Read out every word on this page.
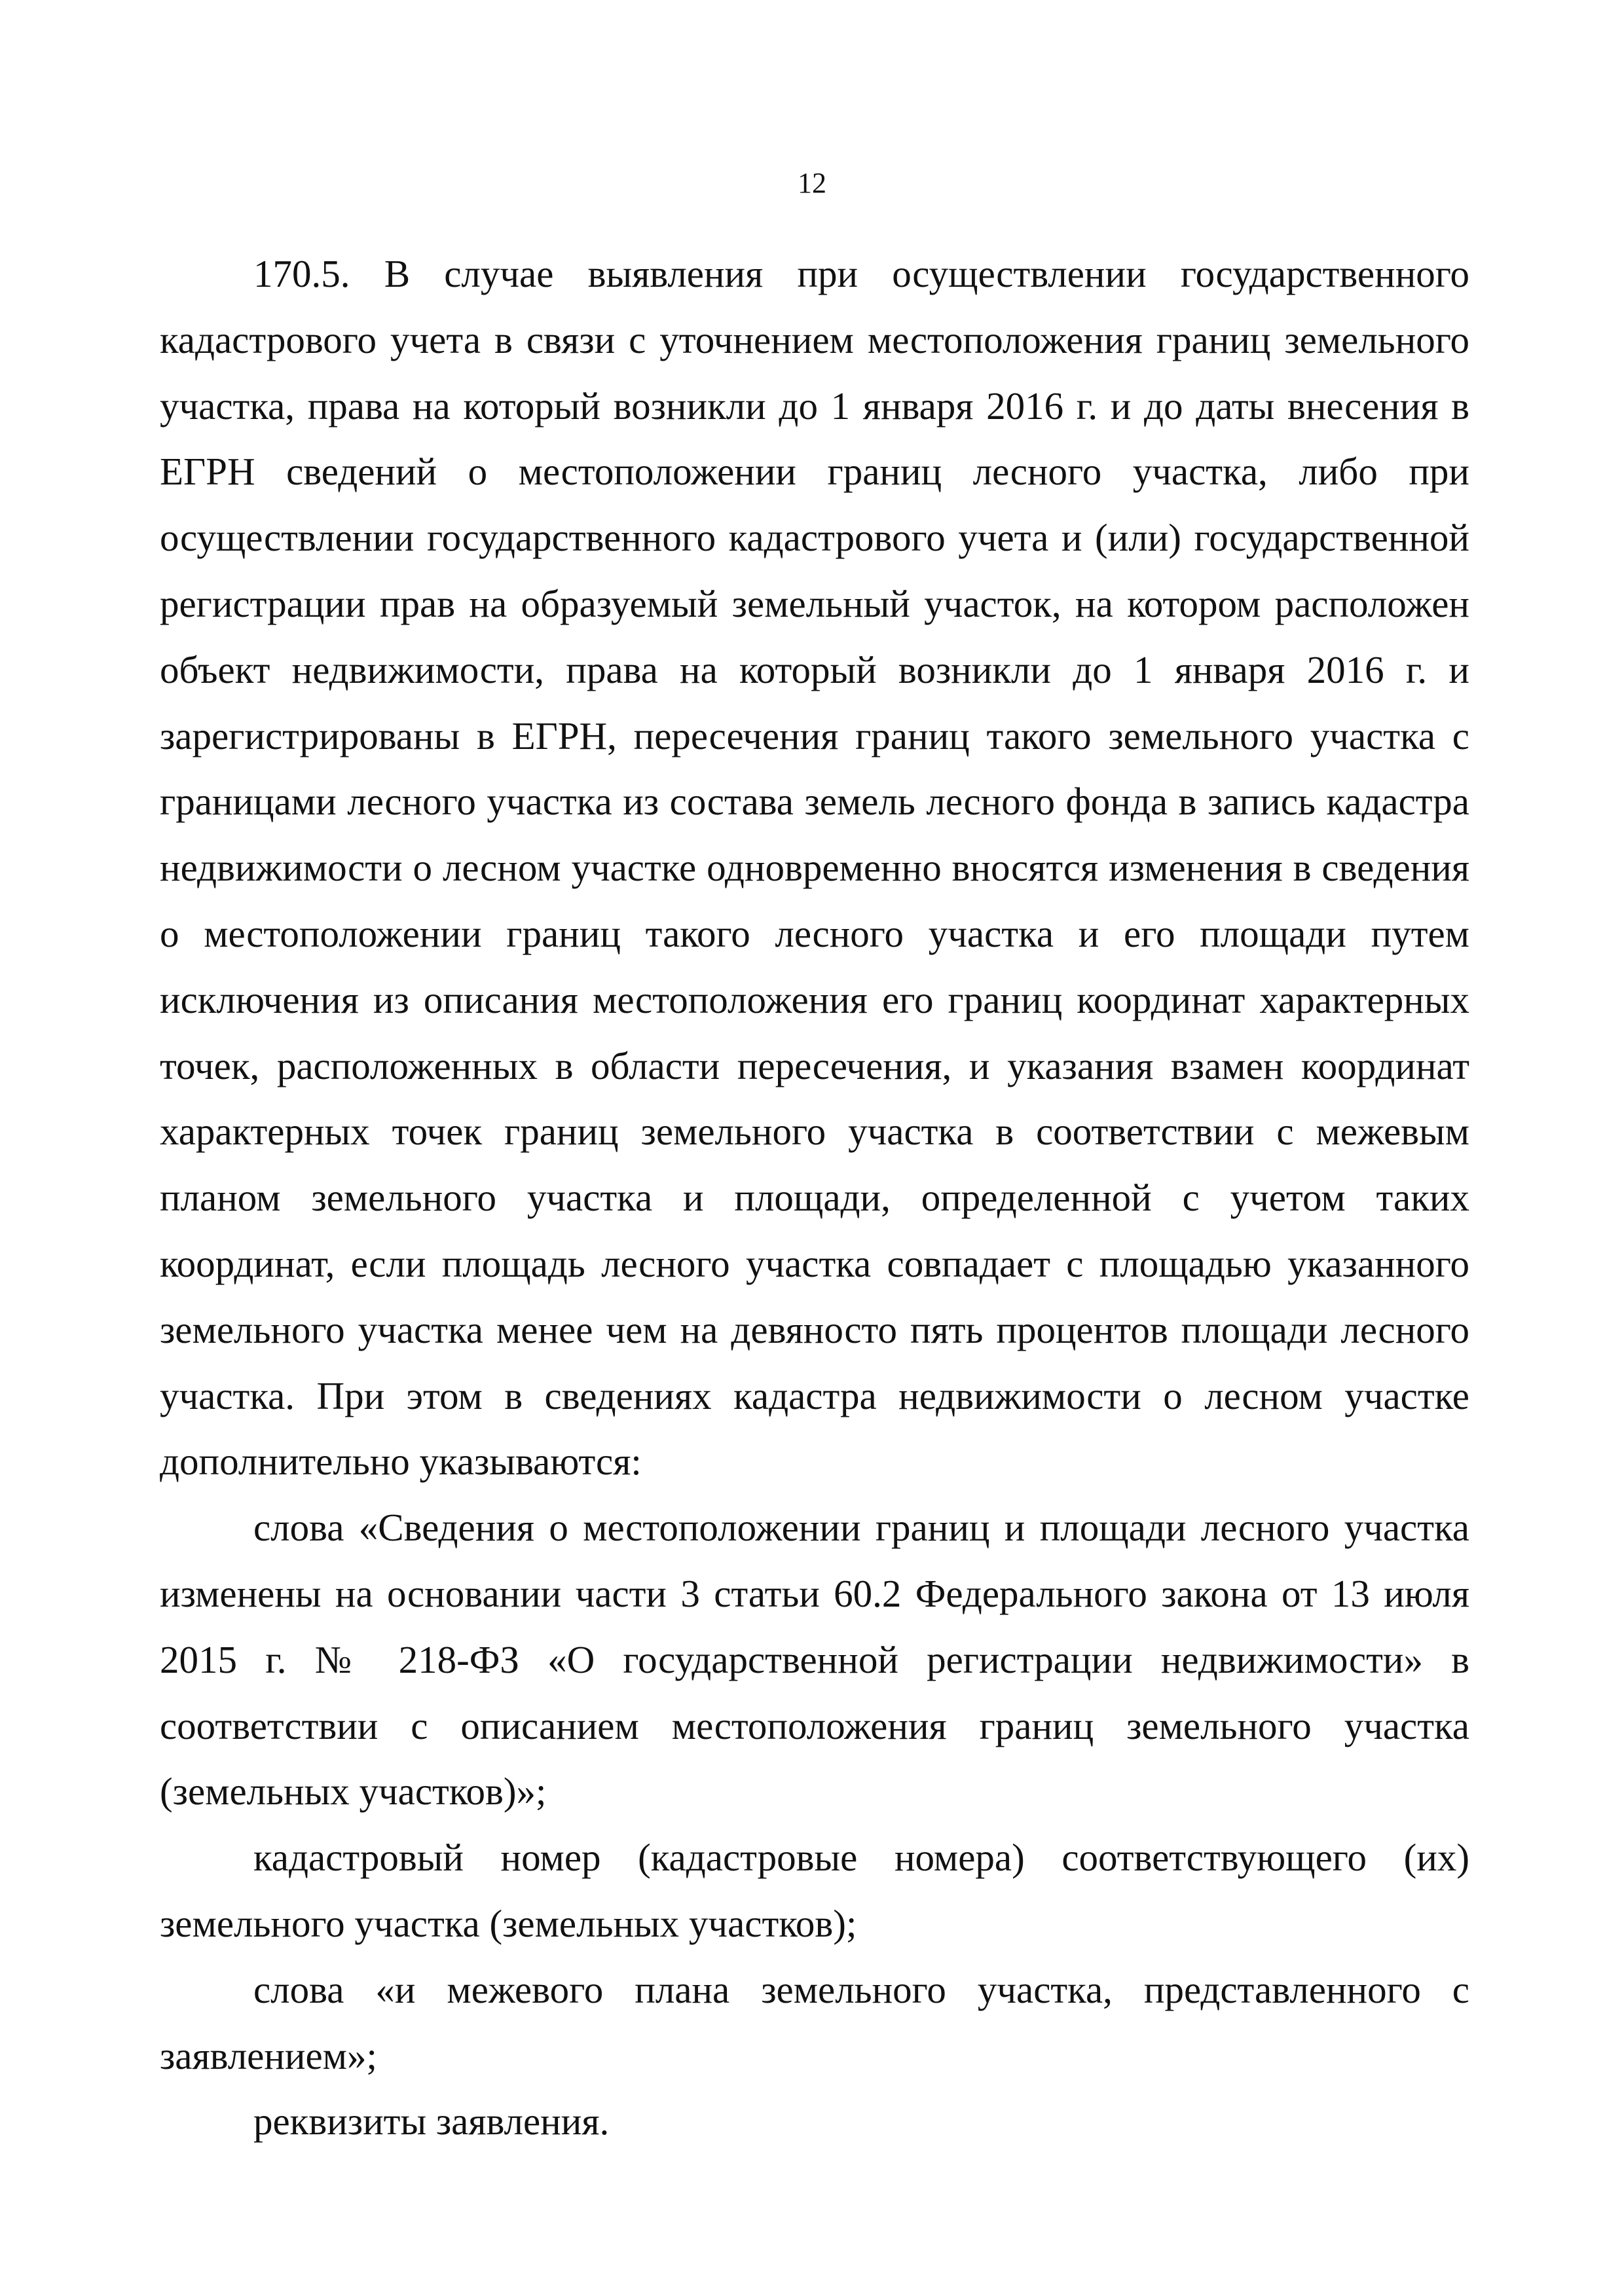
12

170.5. В случае выявления при осуществлении государственного кадастрового учета в связи с уточнением местоположения границ земельного участка, права на который возникли до 1 января 2016 г. и до даты внесения в ЕГРН сведений о местоположении границ лесного участка, либо при осуществлении государственного кадастрового учета и (или) государственной регистрации прав на образуемый земельный участок, на котором расположен объект недвижимости, права на который возникли до 1 января 2016 г. и зарегистрированы в ЕГРН, пересечения границ такого земельного участка с границами лесного участка из состава земель лесного фонда в запись кадастра недвижимости о лесном участке одновременно вносятся изменения в сведения о местоположении границ такого лесного участка и его площади путем исключения из описания местоположения его границ координат характерных точек, расположенных в области пересечения, и указания взамен координат характерных точек границ земельного участка в соответствии с межевым планом земельного участка и площади, определенной с учетом таких координат, если площадь лесного участка совпадает с площадью указанного земельного участка менее чем на девяносто пять процентов площади лесного участка. При этом в сведениях кадастра недвижимости о лесном участке дополнительно указываются:

слова «Сведения о местоположении границ и площади лесного участка изменены на основании части 3 статьи 60.2 Федерального закона от 13 июля 2015 г. № 218-ФЗ «О государственной регистрации недвижимости» в соответствии с описанием местоположения границ земельного участка (земельных участков)»;

кадастровый номер (кадастровые номера) соответствующего (их) земельного участка (земельных участков);

слова «и межевого плана земельного участка, представленного с заявлением»;

реквизиты заявления.
